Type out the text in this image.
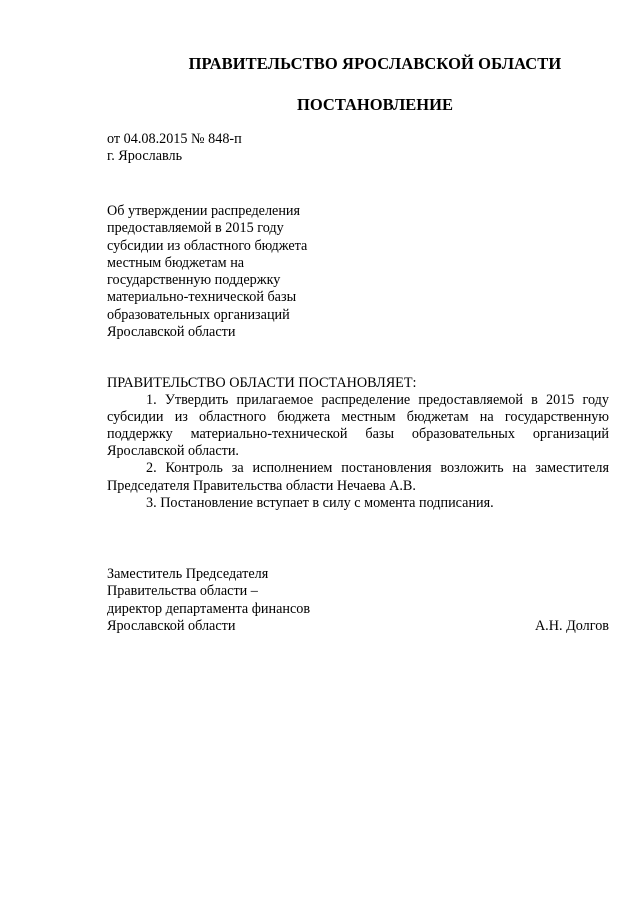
ПРАВИТЕЛЬСТВО ЯРОСЛАВСКОЙ ОБЛАСТИ
ПОСТАНОВЛЕНИЕ
от 04.08.2015 № 848-п
г. Ярославль
Об утверждении распределения
предоставляемой в 2015 году
субсидии из областного бюджета
местным бюджетам на
государственную поддержку
материально-технической базы
образовательных организаций
Ярославской области
ПРАВИТЕЛЬСТВО ОБЛАСТИ ПОСТАНОВЛЯЕТ:

1. Утвердить прилагаемое распределение предоставляемой в 2015 году субсидии из областного бюджета местным бюджетам на государственную поддержку материально-технической базы образовательных организаций Ярославской области.

2. Контроль за исполнением постановления возложить на заместителя Председателя Правительства области Нечаева А.В.

3. Постановление вступает в силу с момента подписания.

Заместитель Председателя
Правительства области –
директор департамента финансов
Ярославской области	А.Н. Долгов
